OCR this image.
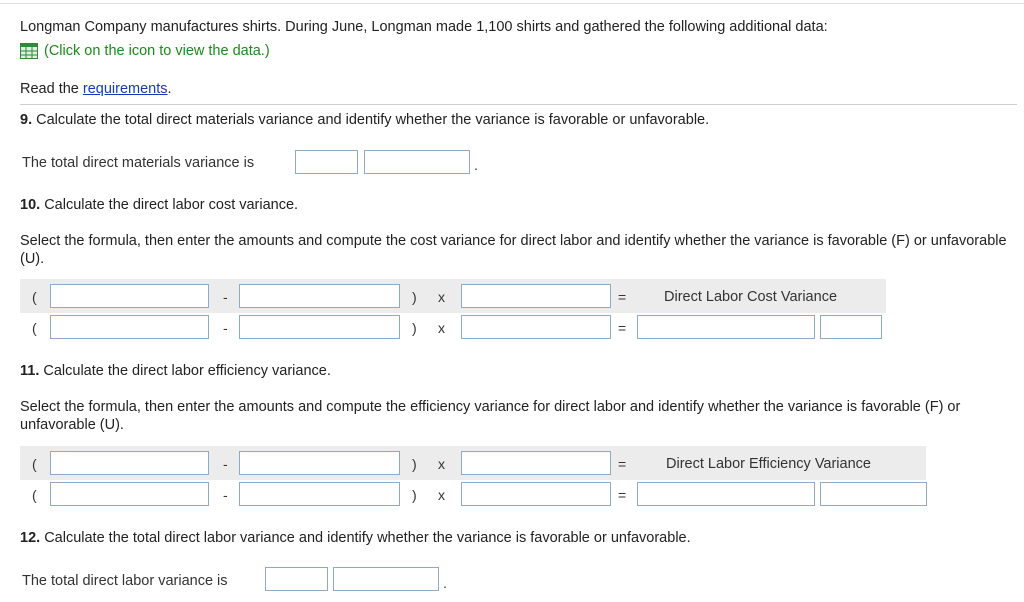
Longman Company manufactures shirts. During June, Longman made 1,100 shirts and gathered the following additional data:
(Click on the icon to view the data.)
Read the requirements.
9. Calculate the total direct materials variance and identify whether the variance is favorable or unfavorable.
The total direct materials variance is	.
10. Calculate the direct labor cost variance.
Select the formula, then enter the amounts and compute the cost variance for direct labor and identify whether the variance is favorable (F) or unfavorable (U).
(	-	) x	=	Direct Labor Cost Variance
(	-	) x	=
11. Calculate the direct labor efficiency variance.
Select the formula, then enter the amounts and compute the efficiency variance for direct labor and identify whether the variance is favorable (F) or unfavorable (U).
(	-	) x	=	Direct Labor Efficiency Variance
(	-	) x	=
12. Calculate the total direct labor variance and identify whether the variance is favorable or unfavorable.
The total direct labor variance is	.
